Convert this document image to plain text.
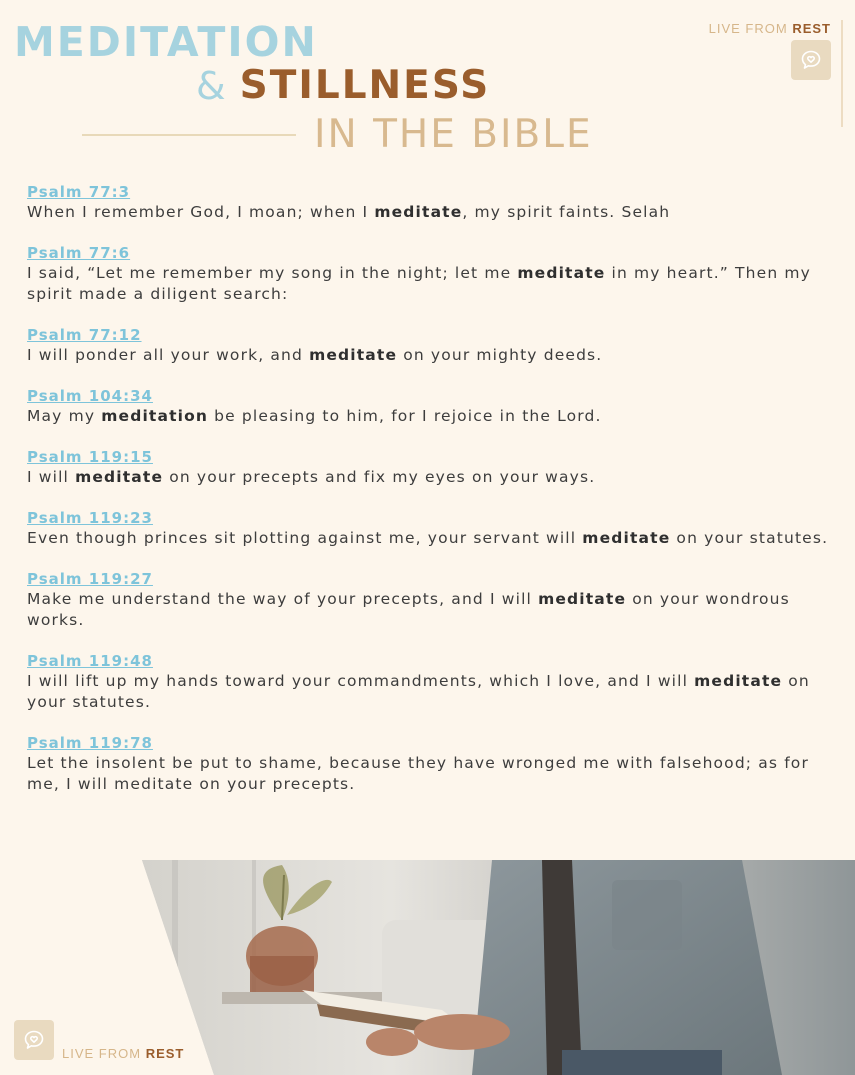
MEDITATION
& STILLNESS
IN THE BIBLE
LIVE FROM REST
Psalm 77:3

When I remember God, I moan; when I meditate, my spirit faints. Selah

Psalm 77:6

I said, “Let me remember my song in the night; let me meditate in my heart.” Then my spirit made a diligent search:

Psalm 77:12

I will ponder all your work, and meditate on your mighty deeds.

Psalm 104:34

May my meditation be pleasing to him, for I rejoice in the Lord.

Psalm 119:15

I will meditate on your precepts and fix my eyes on your ways.

Psalm 119:23

Even though princes sit plotting against me, your servant will meditate on your statutes.

Psalm 119:27

Make me understand the way of your precepts, and I will meditate on your wondrous works.

Psalm 119:48

I will lift up my hands toward your commandments, which I love, and I will meditate on your statutes.

Psalm 119:78

Let the insolent be put to shame, because they have wronged me with falsehood; as for me, I will meditate on your precepts.

LIVE FROM REST
